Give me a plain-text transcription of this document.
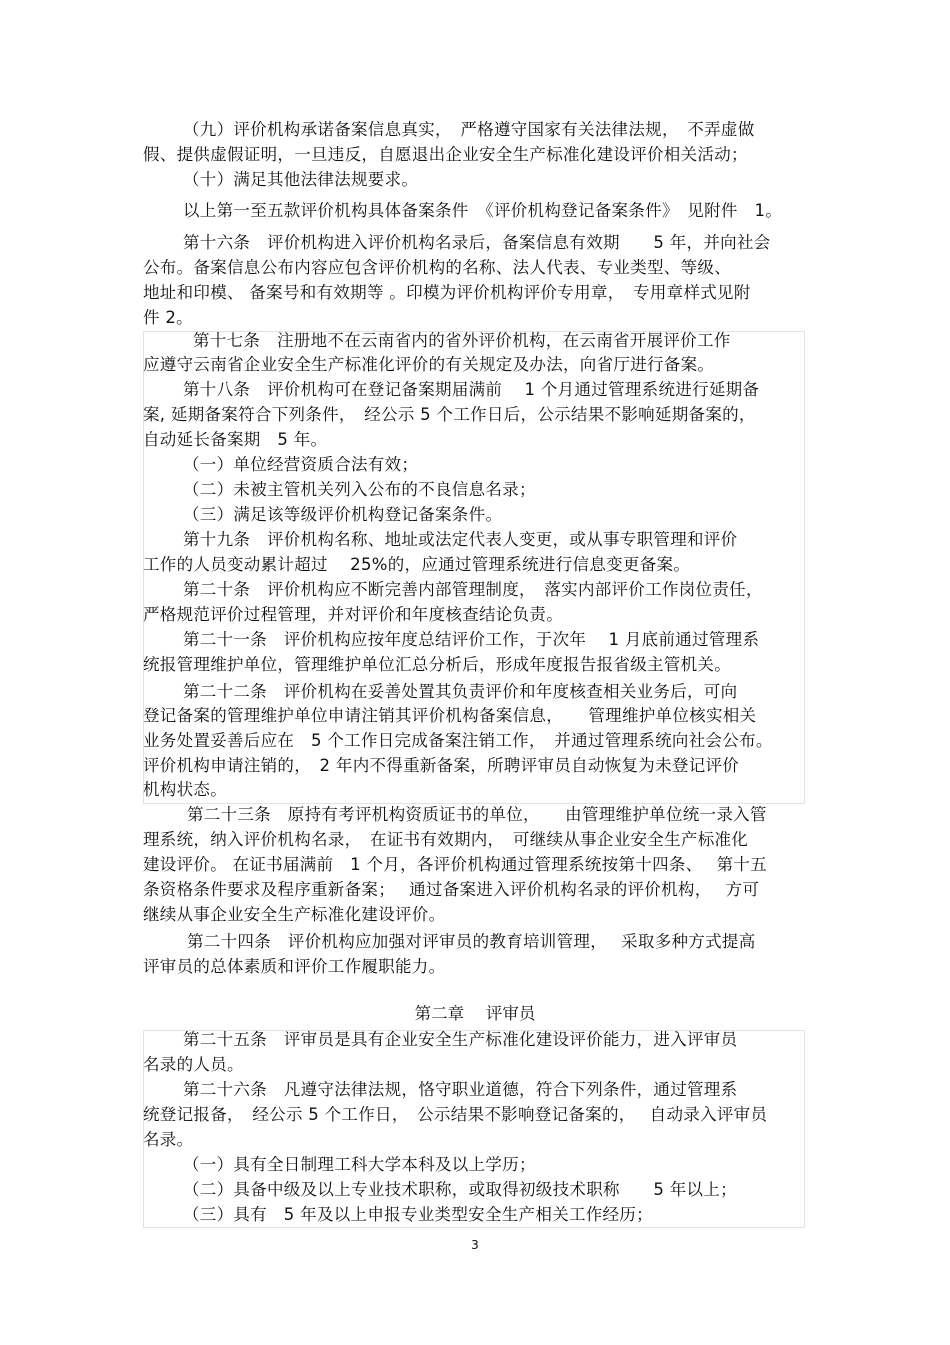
（九）评价机构承诺备案信息真实，　严格遵守国家有关法律法规，　不弄虚做
假、提供虚假证明，一旦违反，自愿退出企业安全生产标准化建设评价相关活动；
（十）满足其他法律法规要求。
以上第一至五款评价机构具体备案条件　《评价机构登记备案条件》　见附件　1。
第十六条　评价机构进入评价机构名录后，备案信息有效期　　5 年，并向社会
公布。备案信息公布内容应包含评价机构的名称、法人代表、专业类型、等级、
地址和印模、 备案号和有效期等 。印模为评价机构评价专用章，　专用章样式见附
件 2。
第十七条　注册地不在云南省内的省外评价机构，在云南省开展评价工作
应遵守云南省企业安全生产标准化评价的有关规定及办法，向省厅进行备案。
第十八条　评价机构可在登记备案期届满前　 1 个月通过管理系统进行延期备
案, 延期备案符合下列条件，　经公示 5 个工作日后，公示结果不影响延期备案的，
自动延长备案期　5 年。
（一）单位经营资质合法有效；
（二）未被主管机关列入公布的不良信息名录；
（三）满足该等级评价机构登记备案条件。
第十九条　评价机构名称、地址或法定代表人变更，或从事专职管理和评价
工作的人员变动累计超过　 25%的，应通过管理系统进行信息变更备案。
第二十条　评价机构应不断完善内部管理制度，　落实内部评价工作岗位责任，
严格规范评价过程管理，并对评价和年度核查结论负责。
第二十一条　评价机构应按年度总结评价工作，于次年　 1 月底前通过管理系
统报管理维护单位，管理维护单位汇总分析后，形成年度报告报省级主管机关。
第二十二条　评价机构在妥善处置其负责评价和年度核查相关业务后，可向
登记备案的管理维护单位申请注销其评价机构备案信息，　　管理维护单位核实相关
业务处置妥善后应在　5 个工作日完成备案注销工作，　并通过管理系统向社会公布。
评价机构申请注销的，　2 年内不得重新备案，所聘评审员自动恢复为未登记评价
机构状态。
第二十三条　原持有考评机构资质证书的单位，　　由管理维护单位统一录入管
理系统，纳入评价机构名录，　在证书有效期内，　可继续从事企业安全生产标准化
建设评价。 在证书届满前　1 个月，各评价机构通过管理系统按第十四条、　 第十五
条资格条件要求及程序重新备案；　 通过备案进入评价机构名录的评价机构，　 方可
继续从事企业安全生产标准化建设评价。
第二十四条　评价机构应加强对评审员的教育培训管理，　 采取多种方式提高
评审员的总体素质和评价工作履职能力。
第二章　 评审员
第二十五条　评审员是具有企业安全生产标准化建设评价能力，进入评审员
名录的人员。
第二十六条　凡遵守法律法规，恪守职业道德，符合下列条件，通过管理系
统登记报备，　经公示 5 个工作日，　公示结果不影响登记备案的，　 自动录入评审员
名录。
（一）具有全日制理工科大学本科及以上学历；
（二）具备中级及以上专业技术职称，或取得初级技术职称　　5 年以上；
（三）具有　5 年及以上申报专业类型安全生产相关工作经历；
3
